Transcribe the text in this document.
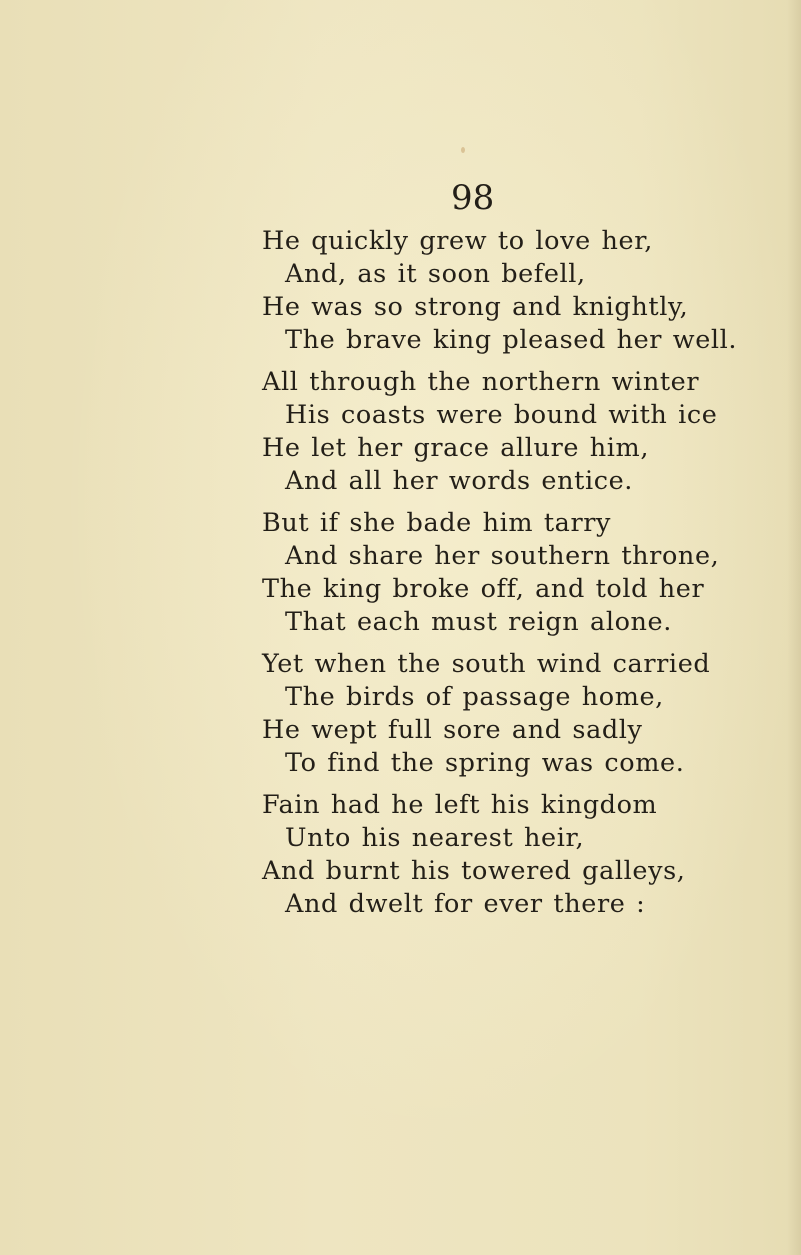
98
He quickly grew to love her,
And, as it soon befell,
He was so strong and knightly,
The brave king pleased her well.
All through the northern winter
His coasts were bound with ice
He let her grace allure him,
And all her words entice.
But if she bade him tarry
And share her southern throne,
The king broke off, and told her
That each must reign alone.
Yet when the south wind carried
The birds of passage home,
He wept full sore and sadly
To find the spring was come.
Fain had he left his kingdom
Unto his nearest heir,
And burnt his towered galleys,
And dwelt for ever there :
